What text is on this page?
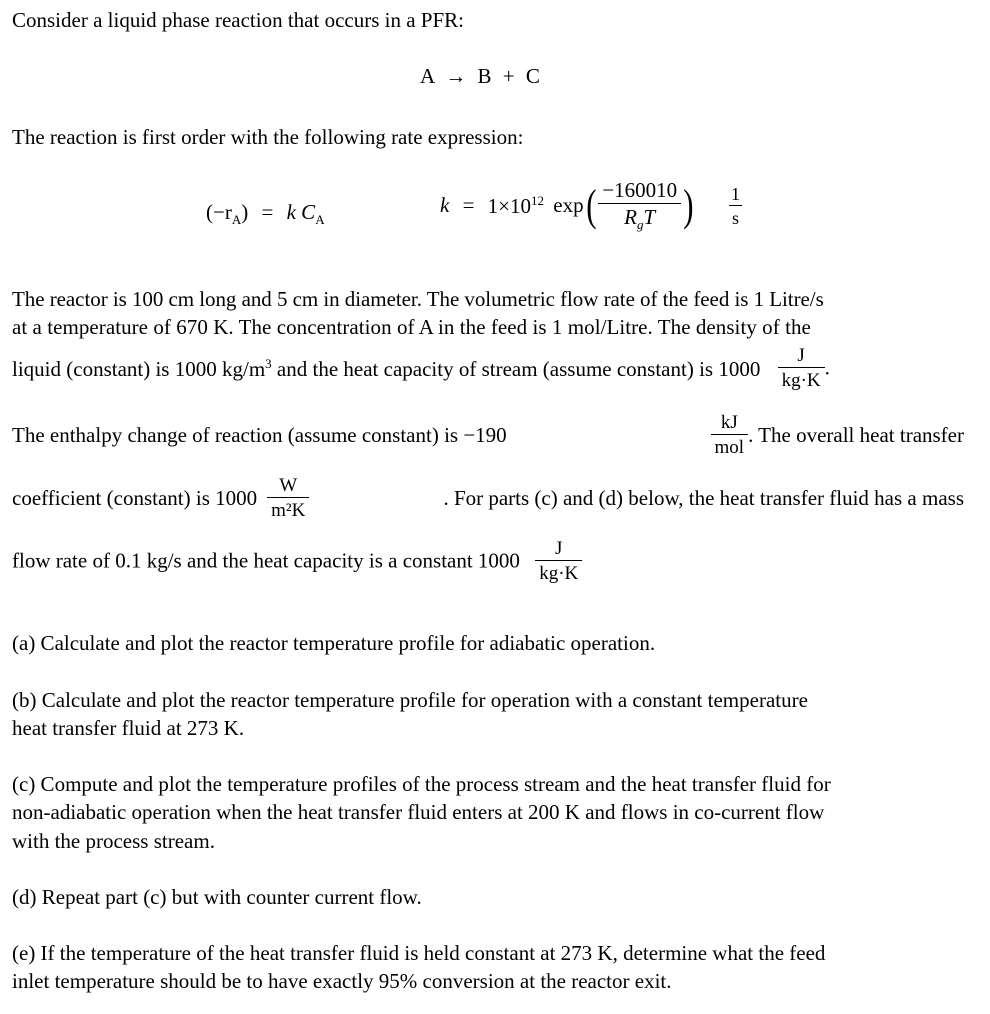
Consider a liquid phase reaction that occurs in a PFR:
A → B + C
The reaction is first order with the following rate expression:
$(-r_A) = k$ $C_A$
$k = 1\times 10^{12}$ $\exp( \frac{-160010}{R_gT}$ ) $\frac{1}{s}$
The reactor is 100 cm long and 5 cm in diameter. The volumetric flow rate of the feed is 1 Litre/s
at a temperature of 670 K. The concentration of A in the feed is 1 mol/Litre. The density of the
liquid (constant) is 1000 $kg/m^3$ and the heat capacity of stream (assume constant) is $1000 \frac{J}{kg\cdot K}$ .
The enthalpy change of reaction (assume constant) is −190	$\frac{kJ}{\text{mol}}$ . The overall heat transfer
coefficient (constant) is $1000 \frac{W}{\text{m²K}}$	. For parts (c) and (d) below, the heat transfer fluid has a mass
flow rate of 0.1 kg/s and the heat capacity is a constant $1000 \frac{J}{kg\cdot K}$
(a) Calculate and plot the reactor temperature profile for adiabatic operation.
(b) Calculate and plot the reactor temperature profile for operation with a constant temperature
heat transfer fluid at 273 K.
(c) Compute and plot the temperature profiles of the process stream and the heat transfer fluid for
non-adiabatic operation when the heat transfer fluid enters at 200 K and flows in co-current flow
with the process stream.
(d) Repeat part (c) but with counter current flow.
(e) If the temperature of the heat transfer fluid is held constant at 273 K, determine what the feed
inlet temperature should be to have exactly 95% conversion at the reactor exit.
